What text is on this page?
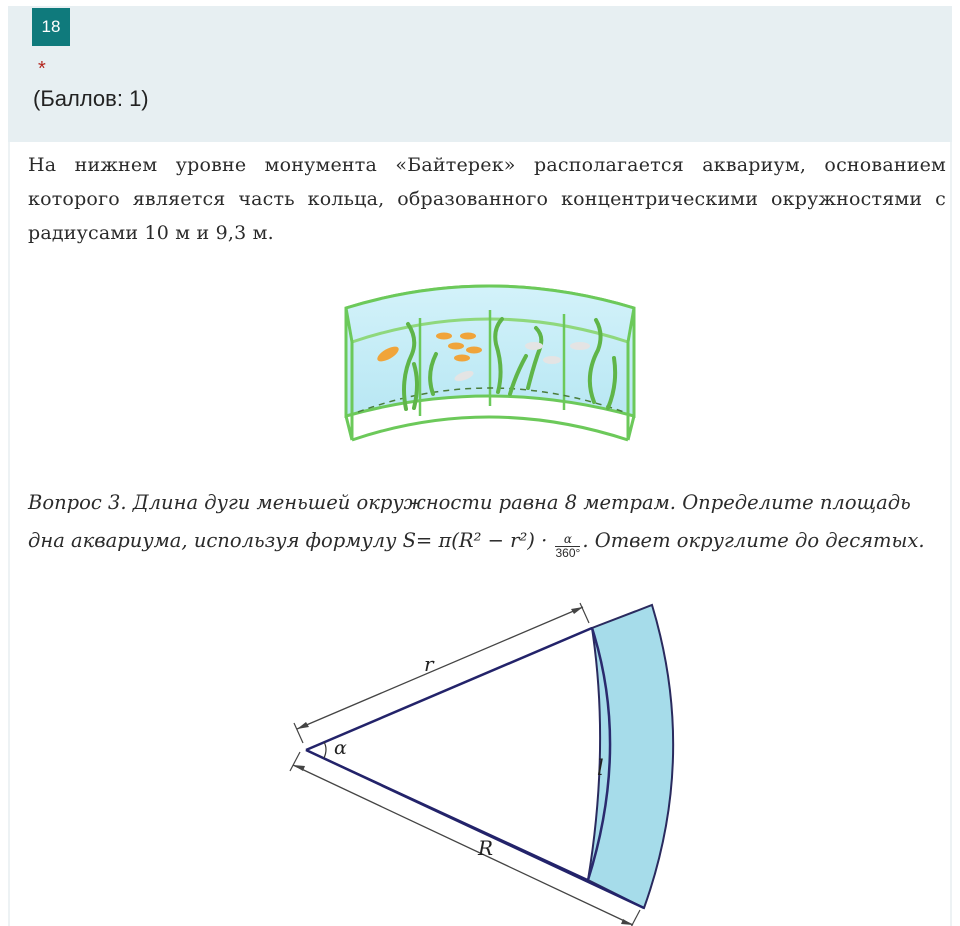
18
*
(Баллов: 1)
На нижнем уровне монумента «Байтерек» располагается аквариум, основанием которого является часть кольца, образованного концентрическими окружностями с радиусами 10 м и 9,3 м.
Вопрос 3. Длина дуги меньшей окружности равна 8 метрам. Определите площадь дна аквариума, используя формулу $S= \pi(R^2 - r^2) \cdot \frac{\alpha}{360^\circ}$ . Ответ округлите до десятых.
r
α
l
R
